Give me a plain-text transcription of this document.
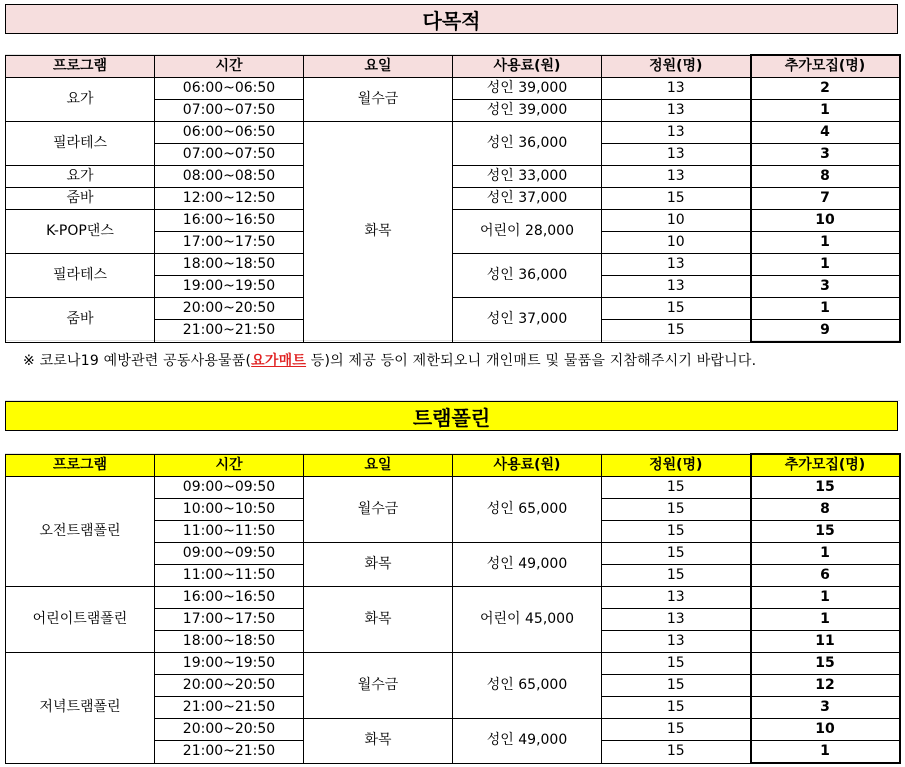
다목적
프로그램	시간	요일	사용료(원)	정원(명)	추가모집(명)
요가	06:00~06:50	월수금	성인 39,000	13	2
	07:00~07:50		성인 39,000	13	1
필라테스	06:00~06:50	화목	성인 36,000	13	4
	07:00~07:50			13	3
요가	08:00~08:50		성인 33,000	13	8
줌바	12:00~12:50		성인 37,000	15	7
K-POP댄스	16:00~16:50		어린이 28,000	10	10
	17:00~17:50			10	1
필라테스	18:00~18:50		성인 36,000	13	1
	19:00~19:50			13	3
줌바	20:00~20:50		성인 37,000	15	1
	21:00~21:50			15	9
※ 코로나19 예방관련 공동사용물품(요가매트 등)의 제공 등이 제한되오니 개인매트 및 물품을 지참해주시기 바랍니다.
트램폴린
프로그램	시간	요일	사용료(원)	정원(명)	추가모집(명)
오전트램폴린	09:00~09:50	월수금	성인 65,000	15	15
	10:00~10:50			15	8
	11:00~11:50			15	15
	09:00~09:50	화목	성인 49,000	15	1
	11:00~11:50			15	6
어린이트램폴린	16:00~16:50	화목	어린이 45,000	13	1
	17:00~17:50			13	1
	18:00~18:50			13	11
저녁트램폴린	19:00~19:50	월수금	성인 65,000	15	15
	20:00~20:50			15	12
	21:00~21:50			15	3
	20:00~20:50	화목	성인 49,000	15	10
	21:00~21:50			15	1
